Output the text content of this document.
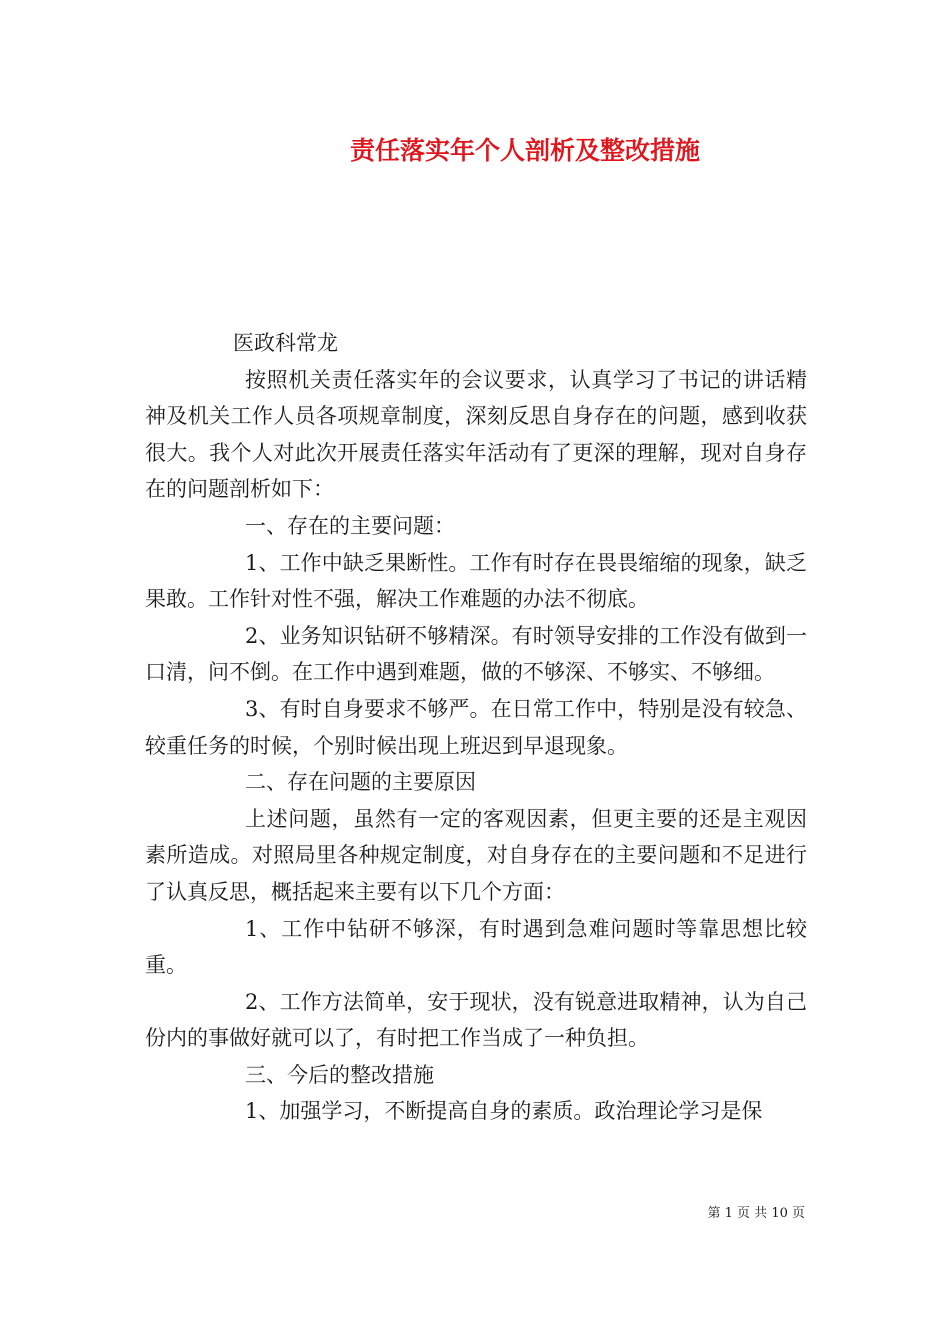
责任落实年个人剖析及整改措施

医政科常龙

按照机关责任落实年的会议要求，认真学习了书记的讲话精神及机关工作人员各项规章制度，深刻反思自身存在的问题，感到收获很大。我个人对此次开展责任落实年活动有了更深的理解，现对自身存在的问题剖析如下：

一、存在的主要问题：

1、工作中缺乏果断性。工作有时存在畏畏缩缩的现象，缺乏果敢。工作针对性不强，解决工作难题的办法不彻底。

2、业务知识钻研不够精深。有时领导安排的工作没有做到一口清，问不倒。在工作中遇到难题，做的不够深、不够实、不够细。

3、有时自身要求不够严。在日常工作中，特别是没有较急、较重任务的时候，个别时候出现上班迟到早退现象。

二、存在问题的主要原因

上述问题，虽然有一定的客观因素，但更主要的还是主观因素所造成。对照局里各种规定制度，对自身存在的主要问题和不足进行了认真反思，概括起来主要有以下几个方面：

1、工作中钻研不够深，有时遇到急难问题时等靠思想比较重。

2、工作方法简单，安于现状，没有锐意进取精神，认为自己份内的事做好就可以了，有时把工作当成了一种负担。

三、今后的整改措施

1、加强学习，不断提高自身的素质。政治理论学习是保

第 1 页 共 10 页
